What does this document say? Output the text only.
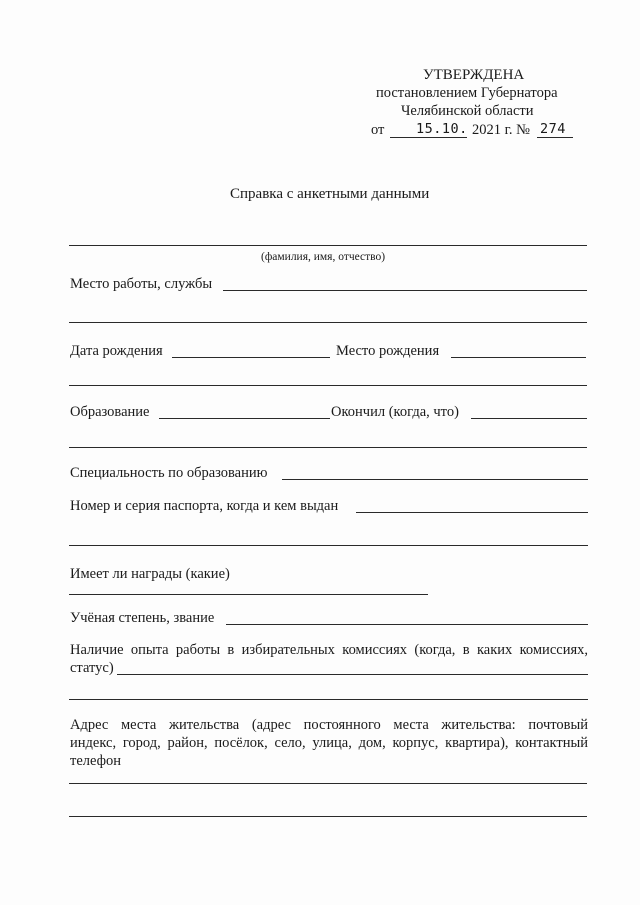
УТВЕРЖДЕНА
постановлением Губернатора
Челябинской области
от 15.10. 2021 г. № 274
Справка с анкетными данными
(фамилия, имя, отчество)
Место работы, службы
Дата рождения	Место рождения
Образование	Окончил (когда, что)
Специальность по образованию
Номер и серия паспорта, когда и кем выдан
Имеет ли награды (какие)
Учёная степень, звание
Наличие опыта работы в избирательных комиссиях (когда, в каких комиссиях,
статус)
Адрес места жительства (адрес постоянного места жительства: почтовый
индекс, город, район, посёлок, село, улица, дом, корпус, квартира), контактный
телефон
